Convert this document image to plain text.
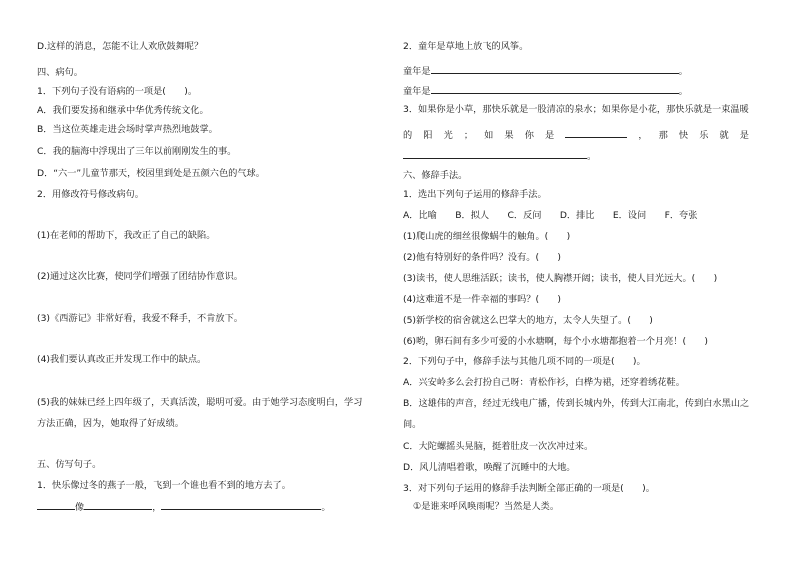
D.这样的消息，怎能不让人欢欣鼓舞呢？
四、病句。
1．下列句子没有语病的一项是(　　)。
A．我们要发扬和继承中华优秀传统文化。
B．当这位英雄走进会场时掌声热烈地鼓掌。
C．我的脑海中浮现出了三年以前刚刚发生的事。
D．“六一”儿童节那天，校园里到处是五颜六色的气球。
2．用修改符号修改病句。
(1)在老师的帮助下，我改正了自己的缺陷。
(2)通过这次比赛，使同学们增强了团结协作意识。
(3)《西游记》非常好看，我爱不释手，不肯放下。
(4)我们要认真改正并发现工作中的缺点。
(5)我的妹妹已经上四年级了，天真活泼，聪明可爱。由于她学习态度明白，学习方法正确，因为，她取得了好成绩。
五、仿写句子。
1．快乐像过冬的燕子一般，飞到一个谁也看不到的地方去了。
像	，	。
2．童年是草地上放飞的风筝。
童年是	。
童年是	。
3．如果你是小草，那快乐就是一股清凉的泉水；如果你是小花，那快乐就是一束温暖
的 阳 光 ； 如 果 你 是	， 那 快 乐 就 是
。
六、修辞手法。
1．选出下列句子运用的修辞手法。
A．比喻　　B．拟人　　C．反问　　D．排比　　E．设问　　F．夸张
(1)爬山虎的细丝很像蜗牛的触角。(　　)
(2)他有特别好的条件吗？没有。(　　)
(3)读书，使人思维活跃；读书，使人胸襟开阔；读书，使人目光远大。(　　)
(4)这难道不是一件幸福的事吗？(　　)
(5)新学校的宿舍就这么巴掌大的地方，太令人失望了。(　　)
(6)哟，卵石间有多少可爱的小水塘啊，每个小水塘都抱着一个月亮！(　　)
2．下列句子中，修辞手法与其他几项不同的一项是(　　)。
A．兴安岭多么会打扮自己呀：青松作衫，白桦为裙，还穿着绣花鞋。
B．这雄伟的声音，经过无线电广播，传到长城内外，传到大江南北，传到白水黑山之
间。
C．大陀螺摇头晃脑，挺着肚皮一次次冲过来。
D．风儿清唱着歌，唤醒了沉睡中的大地。
3．对下列句子运用的修辞手法判断全部正确的一项是(　　)。
①是谁来呼风唤雨呢？当然是人类。
